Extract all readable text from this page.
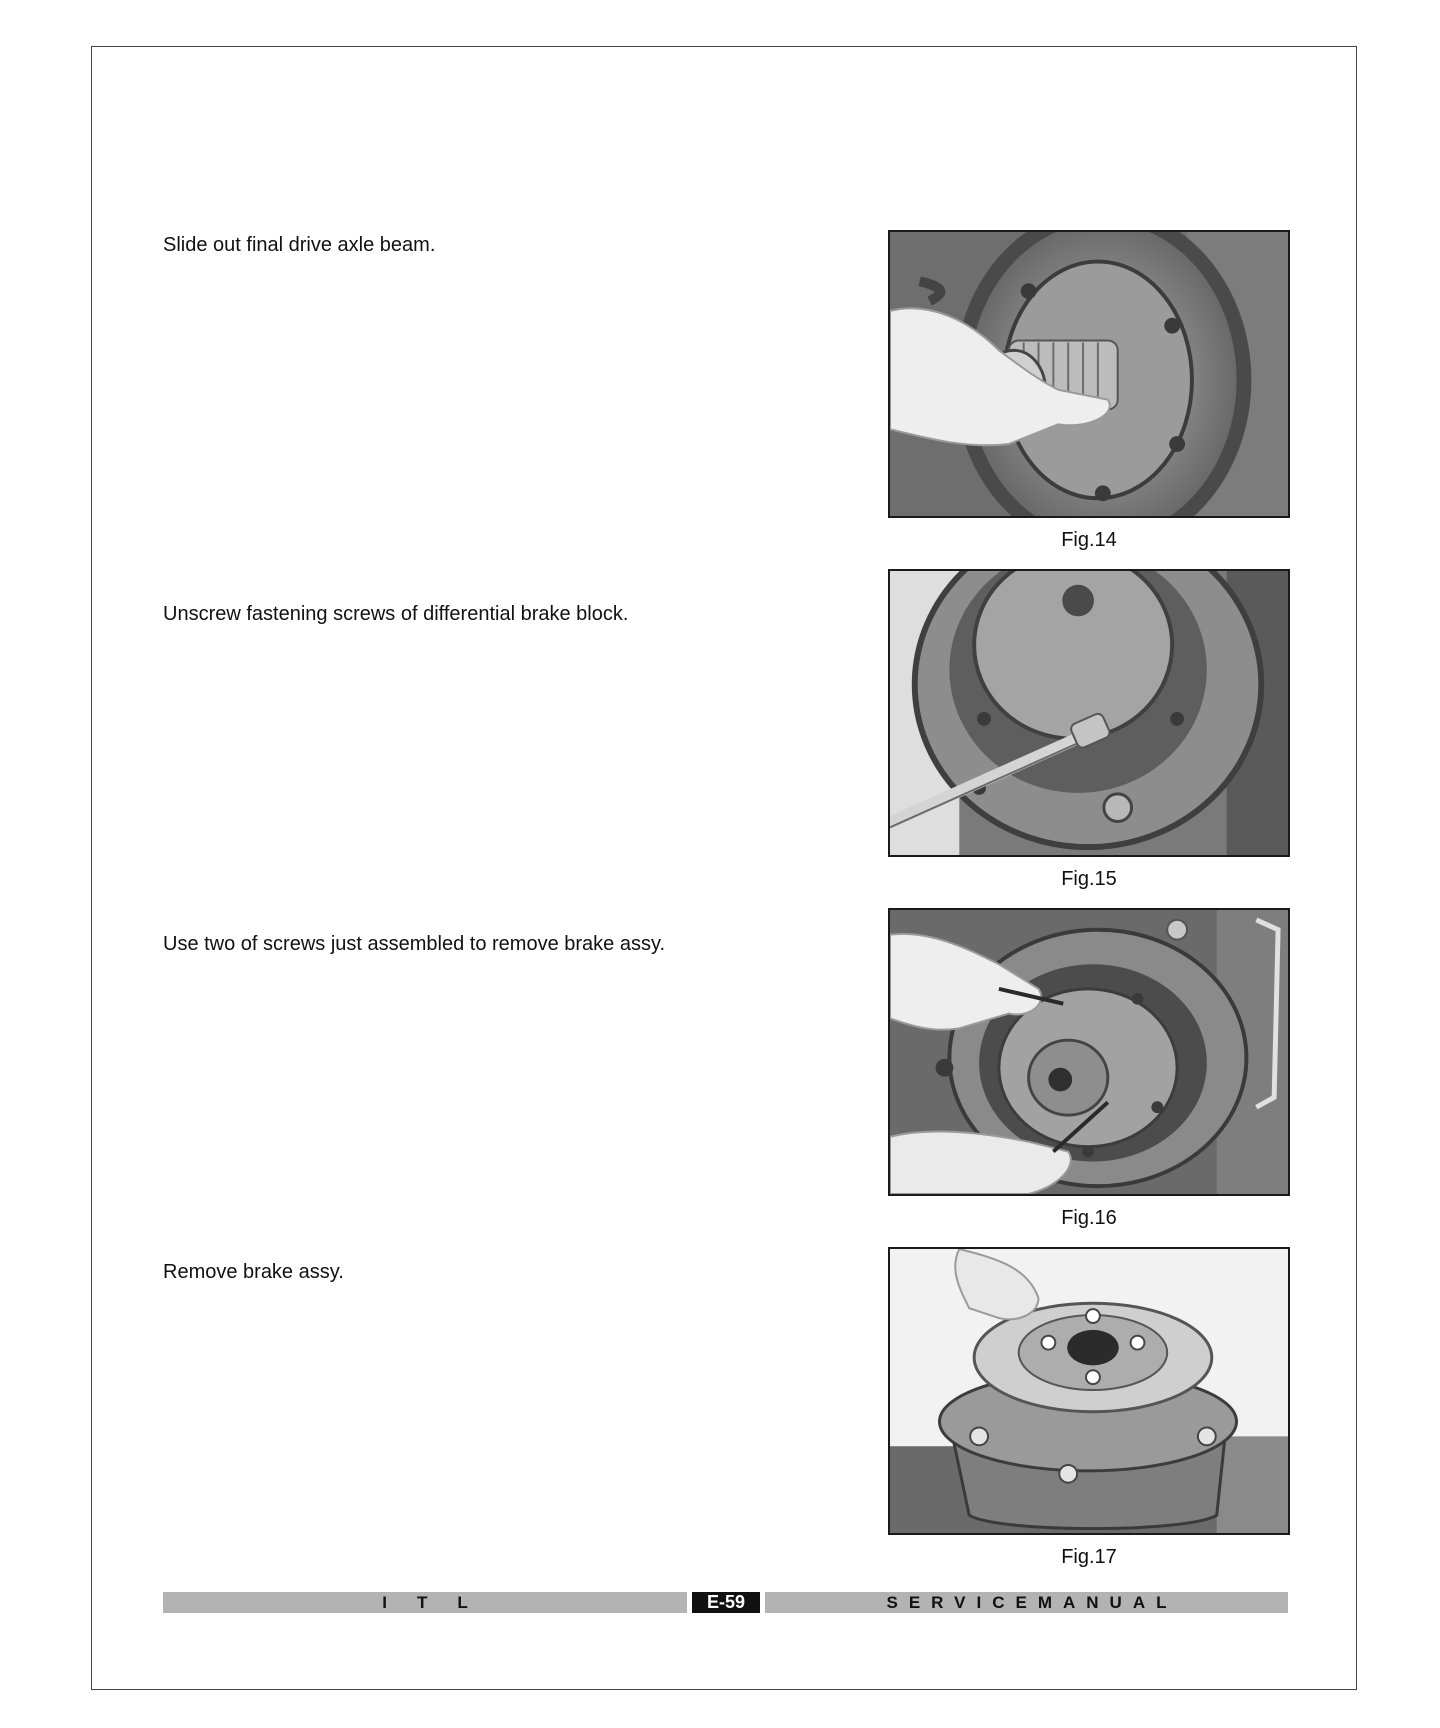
Slide out final drive axle beam.
Fig.14
Unscrew fastening screws of differential brake block.
Fig.15
Use two of screws just assembled to remove brake assy.
Fig.16
Remove brake assy.
Fig.17
ITL	E-59	SERVICEMANUAL
